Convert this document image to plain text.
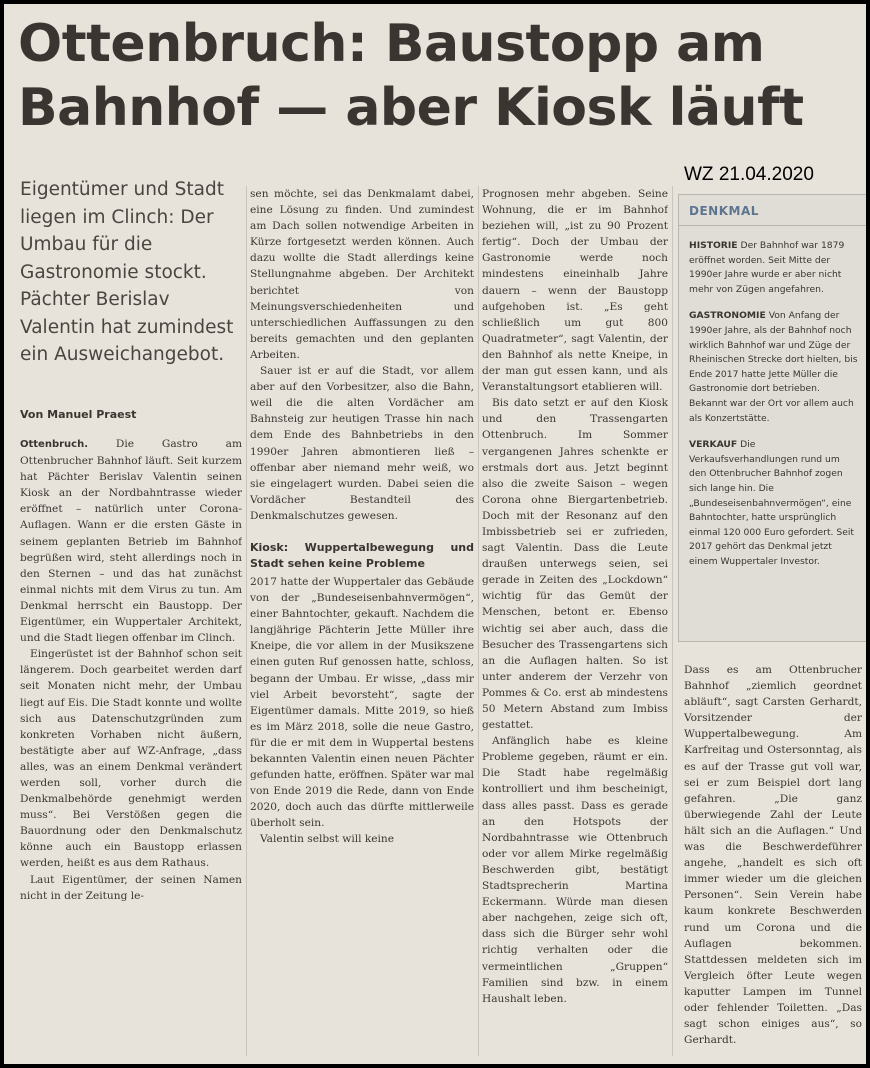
Ottenbruch: Baustopp am Bahnhof — aber Kiosk läuft
WZ 21.04.2020

Eigentümer und Stadt liegen im Clinch: Der Umbau für die Gastronomie stockt. Pächter Berislav Valentin hat zumindest ein Ausweichangebot.

Von Manuel Praest

Ottenbruch.	Die Gastro am Ottenbrucher Bahnhof läuft. Seit kurzem hat Pächter Berislav Valentin seinen Kiosk an der Nordbahntrasse wieder eröffnet – natürlich unter Corona-Auflagen. Wann er die ersten Gäste in seinem geplanten Betrieb im Bahnhof begrüßen wird, steht allerdings noch in den Sternen – und das hat zunächst einmal nichts mit dem Virus zu tun. Am Denkmal herrscht ein Baustopp. Der Eigentümer, ein Wuppertaler Architekt, und die Stadt liegen offenbar im Clinch.

Eingerüstet ist der Bahnhof schon seit längerem. Doch gearbeitet werden darf seit Monaten nicht mehr, der Umbau liegt auf Eis. Die Stadt konnte und wollte sich aus Datenschutzgründen zum konkreten Vorhaben nicht äußern, bestätigte aber auf WZ-Anfrage, „dass alles, was an einem Denkmal verändert werden soll, vorher durch die Denkmalbehörde genehmigt werden muss“. Bei Verstößen gegen die Bauordnung oder den Denkmalschutz könne auch ein Baustopp erlassen werden, heißt es aus dem Rathaus.

Laut Eigentümer, der seinen Namen nicht in der Zeitung le-

sen möchte, sei das Denkmalamt dabei, eine Lösung zu finden. Und zumindest am Dach sollen notwendige Arbeiten in Kürze fortgesetzt werden können. Auch dazu wollte die Stadt allerdings keine Stellungnahme abgeben. Der Architekt berichtet von Meinungsverschiedenheiten und unterschiedlichen Auffassungen zu den bereits gemachten und den geplanten Arbeiten.

Sauer ist er auf die Stadt, vor allem aber auf den Vorbesitzer, also die Bahn, weil die die alten Vordächer am Bahnsteig zur heutigen Trasse hin nach dem Ende des Bahnbetriebs in den 1990er Jahren abmontieren ließ – offenbar aber niemand mehr weiß, wo sie eingelagert wurden. Dabei seien die Vordächer Bestandteil des Denkmalschutzes gewesen.

Kiosk: Wuppertalbewegung und Stadt sehen keine Probleme

2017 hatte der Wuppertaler das Gebäude von der „Bundeseisenbahnvermögen“, einer Bahntochter, gekauft. Nachdem die langjährige Pächterin Jette Müller ihre Kneipe, die vor allem in der Musikszene einen guten Ruf genossen hatte, schloss, begann der Umbau. Er wisse, „dass mir viel Arbeit bevorsteht“, sagte der Eigentümer damals. Mitte 2019, so hieß es im März 2018, solle die neue Gastro, für die er mit dem in Wuppertal bestens bekannten Valentin einen neuen Pächter gefunden hatte, eröffnen. Später war mal von Ende 2019 die Rede, dann von Ende 2020, doch auch das dürfte mittlerweile überholt sein.

Valentin selbst will keine

Prognosen mehr abgeben. Seine Wohnung, die er im Bahnhof beziehen will, „ist zu 90 Prozent fertig“. Doch der Umbau der Gastronomie werde noch mindestens eineinhalb Jahre dauern – wenn der Baustopp aufgehoben ist. „Es geht schließlich um gut 800 Quadratmeter“, sagt Valentin, der den Bahnhof als nette Kneipe, in der man gut essen kann, und als Veranstaltungsort etablieren will.

Bis dato setzt er auf den Kiosk und den Trassengarten Ottenbruch. Im Sommer vergangenen Jahres schenkte er erstmals dort aus. Jetzt beginnt also die zweite Saison – wegen Corona ohne Biergartenbetrieb. Doch mit der Resonanz auf den Imbissbetrieb sei er zufrieden, sagt Valentin. Dass die Leute draußen unterwegs seien, sei gerade in Zeiten des „Lockdown“ wichtig für das Gemüt der Menschen, betont er. Ebenso wichtig sei aber auch, dass die Besucher des Trassengartens sich an die Auflagen halten. So ist unter anderem der Verzehr von Pommes & Co. erst ab mindestens 50 Metern Abstand zum Imbiss gestattet.

Anfänglich habe es kleine Probleme gegeben, räumt er ein. Die Stadt habe regelmäßig kontrolliert und ihm bescheinigt, dass alles passt. Dass es gerade an den Hotspots der Nordbahntrasse wie Ottenbruch oder vor allem Mirke regelmäßig Beschwerden gibt, bestätigt Stadtsprecherin Martina Eckermann. Würde man diesen aber nachgehen, zeige sich oft, dass sich die Bürger sehr wohl richtig verhalten oder die vermeintlichen „Gruppen“ Familien sind bzw. in einem Haushalt leben.

DENKMAL

HISTORIE Der Bahnhof war 1879 eröffnet worden. Seit Mitte der 1990er Jahre wurde er aber nicht mehr von Zügen angefahren.

GASTRONOMIE Von Anfang der 1990er Jahre, als der Bahnhof noch wirklich Bahnhof war und Züge der Rheinischen Strecke dort hielten, bis Ende 2017 hatte Jette Müller die Gastronomie dort betrieben. Bekannt war der Ort vor allem auch als Konzertstätte.

VERKAUF Die Verkaufsverhandlungen rund um den Ottenbrucher Bahnhof zogen sich lange hin. Die „Bundeseisenbahnvermögen“, eine Bahntochter, hatte ursprünglich einmal 120 000 Euro gefordert. Seit 2017 gehört das Denkmal jetzt einem Wuppertaler Investor.

Dass es am Ottenbrucher Bahnhof „ziemlich geordnet abläuft“, sagt Carsten Gerhardt, Vorsitzender der Wuppertalbewegung. Am Karfreitag und Ostersonntag, als es auf der Trasse gut voll war, sei er zum Beispiel dort lang gefahren. „Die ganz überwiegende Zahl der Leute hält sich an die Auflagen.“ Und was die Beschwerdeführer angehe, „handelt es sich oft immer wieder um die gleichen Personen“. Sein Verein habe kaum konkrete Beschwerden rund um Corona und die Auflagen bekommen. Stattdessen meldeten sich im Vergleich öfter Leute wegen kaputter Lampen im Tunnel oder fehlender Toiletten. „Das sagt schon einiges aus“, so Gerhardt.
